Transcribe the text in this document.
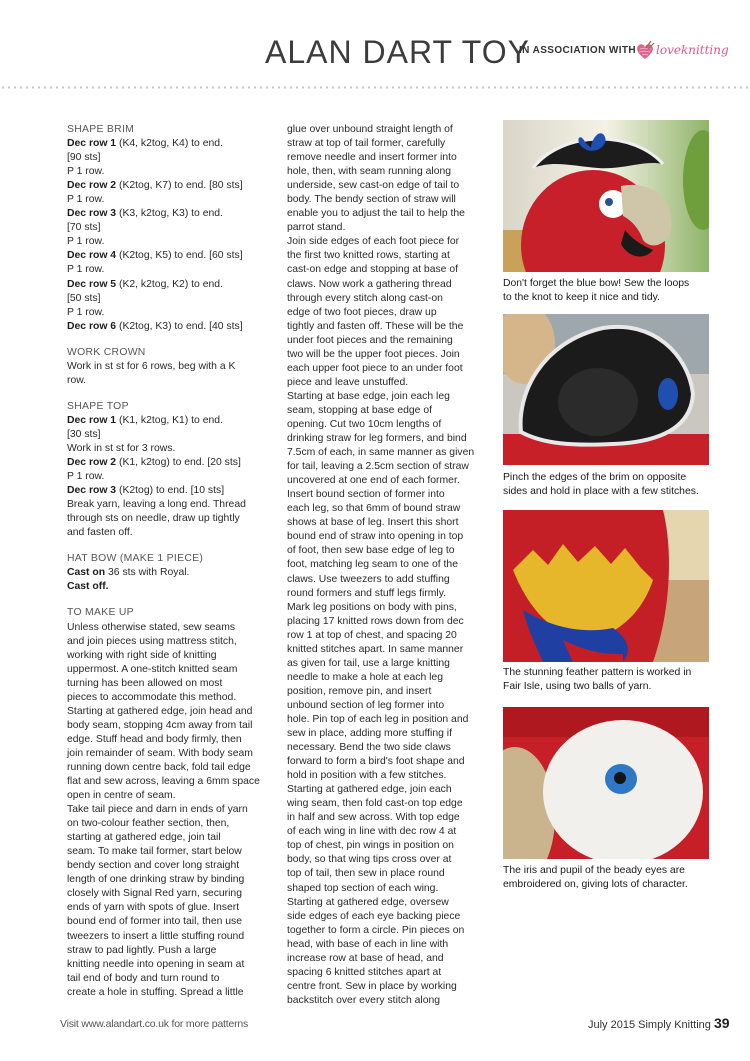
ALAN DART TOY
IN ASSOCIATION WITH loveknitting

SHAPE BRIM

Dec row 1 (K4, k2tog, K4) to end.

[90 sts]

P 1 row.

Dec row 2 (K2tog, K7) to end. [80 sts]

P 1 row.

Dec row 3 (K3, k2tog, K3) to end.

[70 sts]

P 1 row.

Dec row 4 (K2tog, K5) to end. [60 sts]

P 1 row.

Dec row 5 (K2, k2tog, K2) to end.

[50 sts]

P 1 row.

Dec row 6 (K2tog, K3) to end. [40 sts]

WORK CROWN

Work in st st for 6 rows, beg with a K

row.

SHAPE TOP

Dec row 1 (K1, k2tog, K1) to end.

[30 sts]

Work in st st for 3 rows.

Dec row 2 (K1, k2tog) to end. [20 sts]

P 1 row.

Dec row 3 (K2tog) to end. [10 sts]

Break yarn, leaving a long end. Thread

through sts on needle, draw up tightly

and fasten off.

HAT BOW (MAKE 1 PIECE)

Cast on 36 sts with Royal.

Cast off.

TO MAKE UP

Unless otherwise stated, sew seams

and join pieces using mattress stitch,

working with right side of knitting

uppermost. A one-stitch knitted seam

turning has been allowed on most

pieces to accommodate this method.

Starting at gathered edge, join head and

body seam, stopping 4cm away from tail

edge. Stuff head and body firmly, then

join remainder of seam. With body seam

running down centre back, fold tail edge

flat and sew across, leaving a 6mm space

open in centre of seam.

Take tail piece and darn in ends of yarn

on two-colour feather section, then,

starting at gathered edge, join tail

seam. To make tail former, start below

bendy section and cover long straight

length of one drinking straw by binding

closely with Signal Red yarn, securing

ends of yarn with spots of glue. Insert

bound end of former into tail, then use

tweezers to insert a little stuffing round

straw to pad lightly. Push a large

knitting needle into opening in seam at

tail end of body and turn round to

create a hole in stuffing. Spread a little

glue over unbound straight length of

straw at top of tail former, carefully

remove needle and insert former into

hole, then, with seam running along

underside, sew cast-on edge of tail to

body. The bendy section of straw will

enable you to adjust the tail to help the

parrot stand.

Join side edges of each foot piece for

the first two knitted rows, starting at

cast-on edge and stopping at base of

claws. Now work a gathering thread

through every stitch along cast-on

edge of two foot pieces, draw up

tightly and fasten off. These will be the

under foot pieces and the remaining

two will be the upper foot pieces. Join

each upper foot piece to an under foot

piece and leave unstuffed.

Starting at base edge, join each leg

seam, stopping at base edge of

opening. Cut two 10cm lengths of

drinking straw for leg formers, and bind

7.5cm of each, in same manner as given

for tail, leaving a 2.5cm section of straw

uncovered at one end of each former.

Insert bound section of former into

each leg, so that 6mm of bound straw

shows at base of leg. Insert this short

bound end of straw into opening in top

of foot, then sew base edge of leg to

foot, matching leg seam to one of the

claws. Use tweezers to add stuffing

round formers and stuff legs firmly.

Mark leg positions on body with pins,

placing 17 knitted rows down from dec

row 1 at top of chest, and spacing 20

knitted stitches apart. In same manner

as given for tail, use a large knitting

needle to make a hole at each leg

position, remove pin, and insert

unbound section of leg former into

hole. Pin top of each leg in position and

sew in place, adding more stuffing if

necessary. Bend the two side claws

forward to form a bird's foot shape and

hold in position with a few stitches.

Starting at gathered edge, join each

wing seam, then fold cast-on top edge

in half and sew across. With top edge

of each wing in line with dec row 4 at

top of chest, pin wings in position on

body, so that wing tips cross over at

top of tail, then sew in place round

shaped top section of each wing.

Starting at gathered edge, oversew

side edges of each eye backing piece

together to form a circle. Pin pieces on

head, with base of each in line with

increase row at base of head, and

spacing 6 knitted stitches apart at

centre front. Sew in place by working

backstitch over every stitch along

Don't forget the blue bow! Sew the loops
to the knot to keep it nice and tidy.
Pinch the edges of the brim on opposite
sides and hold in place with a few stitches.
The stunning feather pattern is worked in
Fair Isle, using two balls of yarn.
The iris and pupil of the beady eyes are
embroidered on, giving lots of character.
Visit www.alandart.co.uk for more patterns	July 2015 Simply Knitting 39
